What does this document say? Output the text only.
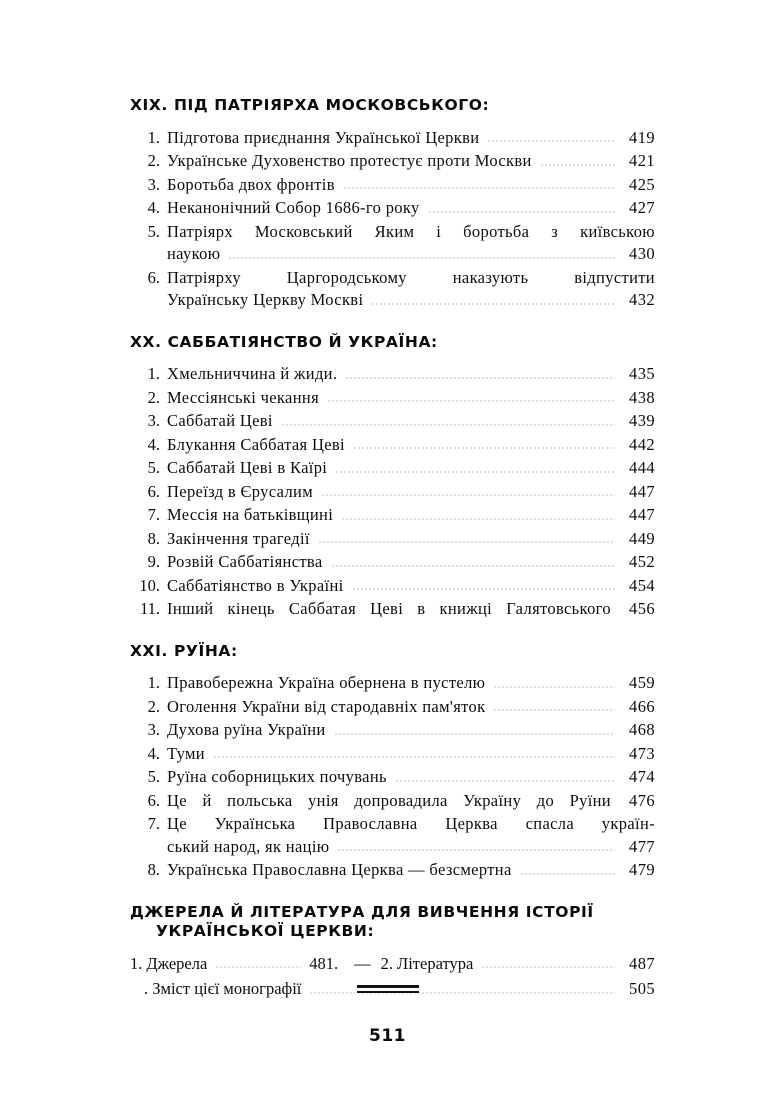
XIX. ПІД ПАТРІЯРХА МОСКОВСЬКОГО:
1. Підготова приєднання Української Церкви	419
2. Українське Духовенство протестує проти Москви	421
3. Боротьба двох фронтів	425
4. Неканонічний Собор 1686-го року	427
5. Патріярх Московський Яким і боротьба з київською
наукою	430
6. Патріярху Царгородському наказують відпустити
Українську Церкву Москві	432
XX. САББАТІЯНСТВО Й УКРАЇНА:
1. Хмельниччина й жиди.	435
2. Мессіянські чекання	438
3. Саббатай Цеві	439
4. Блукання Саббатая Цеві	442
5. Саббатай Цеві в Каїрі	444
6. Переїзд в Єрусалим	447
7. Мессія на батьківщині	447
8. Закінчення трагедії	449
9. Розвій Саббатіянства	452
10. Саббатіянство в Україні	454
11. Інший кінець Саббатая Цеві в книжці Галятовського	456
XXI. РУЇНА:
1. Правобережна Україна обернена в пустелю	459
2. Оголення України від стародавніх пам'яток	466
3. Духова руїна України	468
4. Туми	473
5. Руїна соборницьких почувань	474
6. Це й польська унія допровадила Україну до Руїни	476
7. Це Українська Православна Церква спасла україн-
ський народ, як націю	477
8. Українська Православна Церква — безсмертна	479
ДЖЕРЕЛА Й ЛІТЕРАТУРА ДЛЯ ВИВЧЕННЯ ІСТОРІЇ
УКРАЇНСЬКОЇ ЦЕРКВИ:
1. Джерела	481. — 2. Література	487
. Зміст цієї монографії	505
511
